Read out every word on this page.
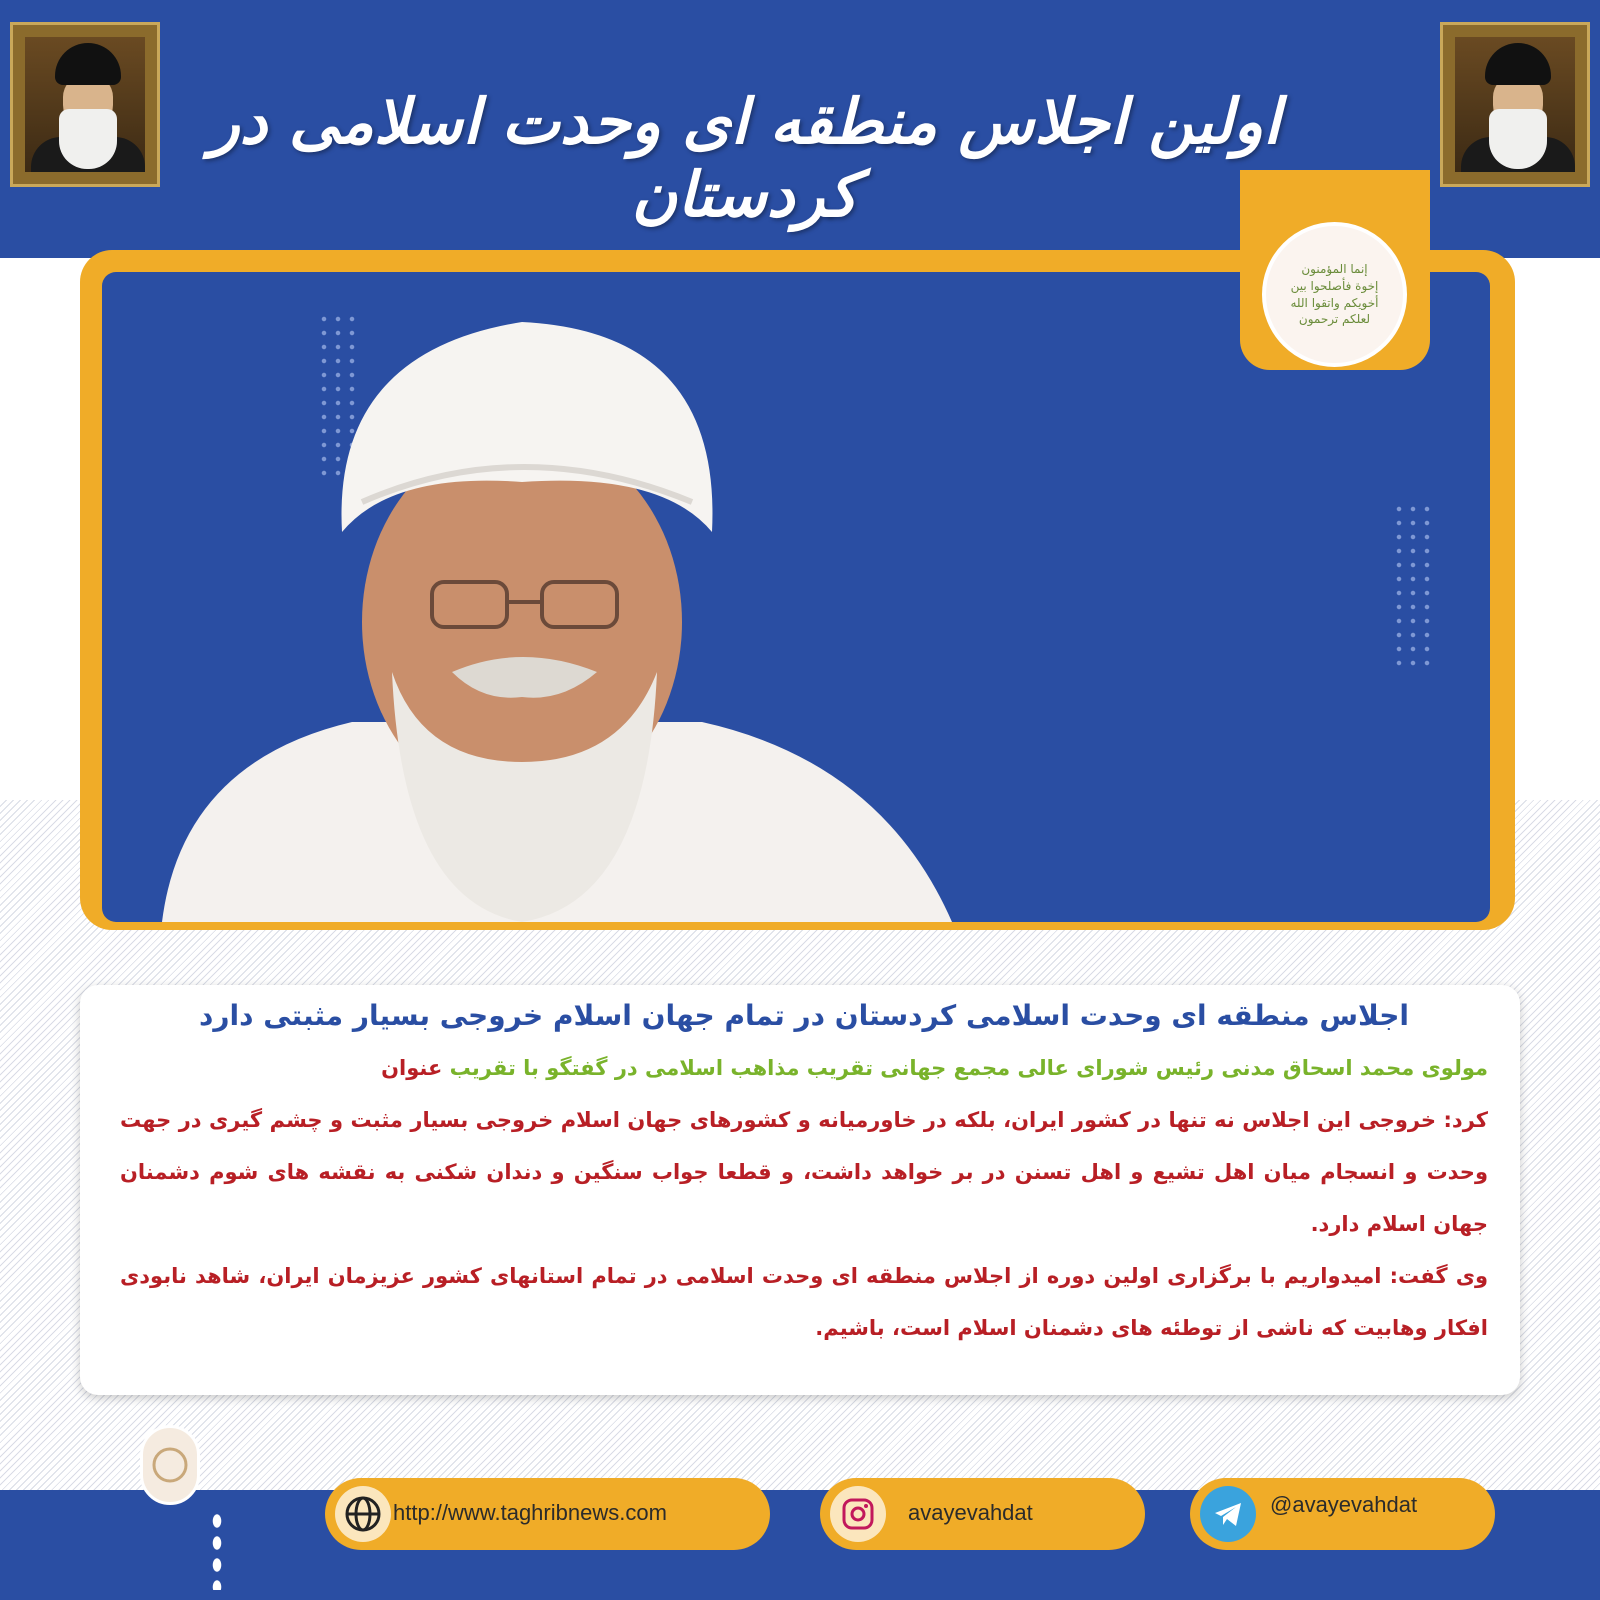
اولین اجلاس منطقه ای وحدت اسلامی در کردستان
إنما المؤمنون إخوة فأصلحوا بين أخويكم واتقوا الله لعلكم ترحمون

اجلاس منطقه ای وحدت اسلامی کردستان در تمام جهان اسلام خروجی بسیار مثبتی دارد

مولوی محمد اسحاق مدنی رئیس شورای عالی مجمع جهانی تقریب مذاهب اسلامی در گفتگو با تقریب عنوان

کرد: خروجی این اجلاس نه تنها در کشور ایران، بلکه در خاورمیانه و کشورهای جهان اسلام خروجی بسیار مثبت و چشم گیری در جهت وحدت و انسجام میان اهل تشیع و اهل تسنن در بر خواهد داشت، و قطعا جواب سنگین و دندان شکنی به نقشه های شوم دشمنان جهان اسلام دارد.

وی گفت: امیدواریم با برگزاری اولین دوره از اجلاس منطقه ای وحدت اسلامی در تمام استانهای کشور عزیزمان ایران، شاهد نابودی افکار وهابیت که ناشی از توطئه های دشمنان اسلام است، باشیم.

http://www.taghribnews.com	avayevahdat	@avayevahdat
